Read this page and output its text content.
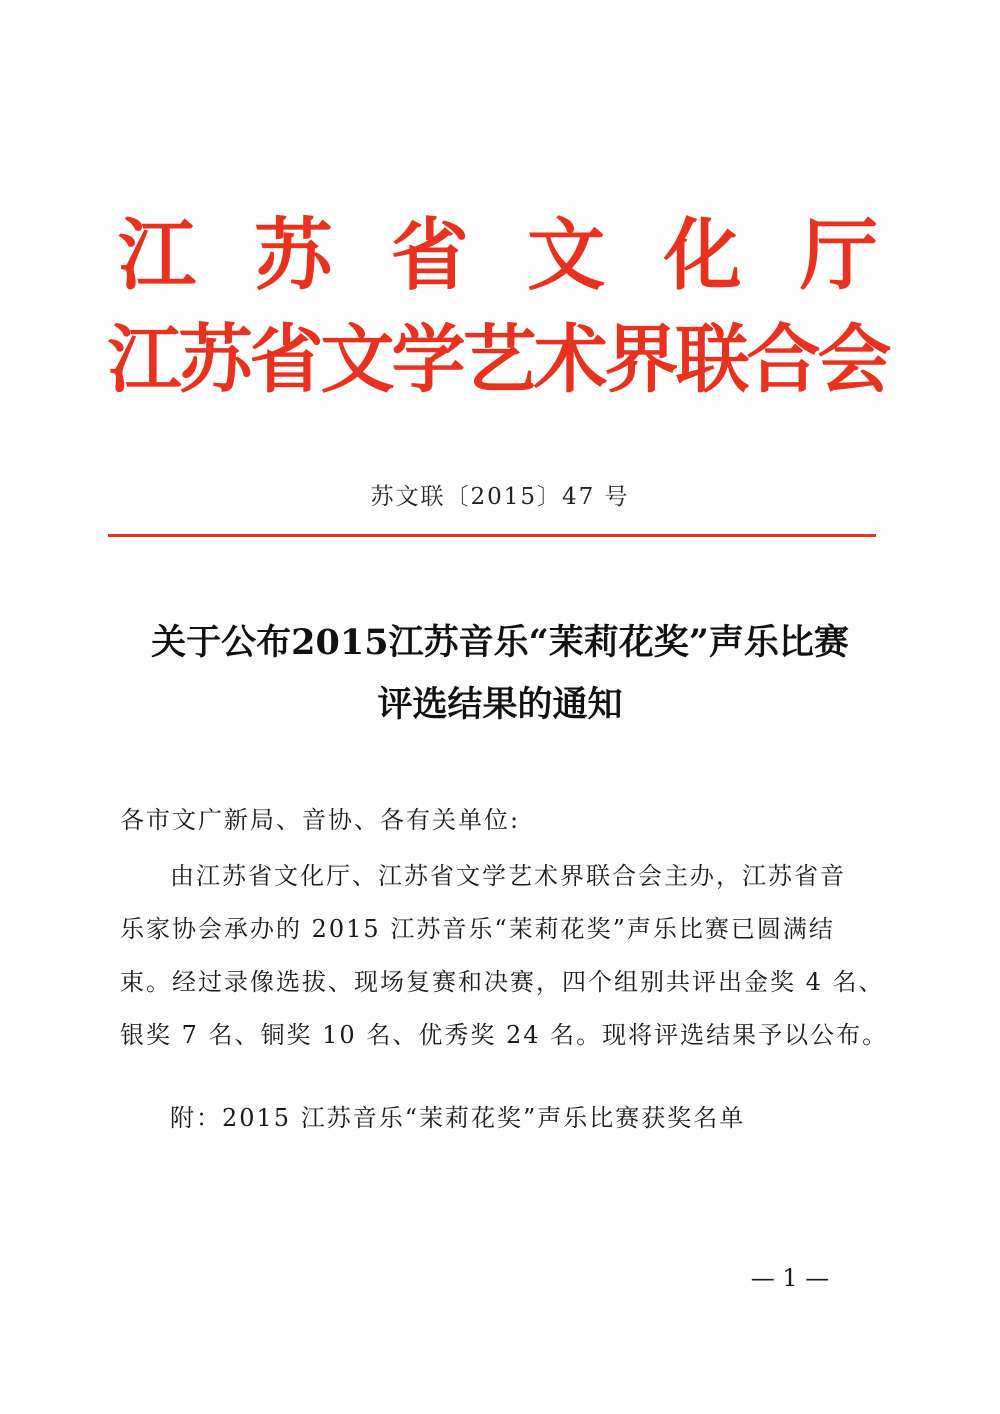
江 苏 省 文 化 厅
江苏省文学艺术界联合会
苏文联〔2015〕47 号
关于公布2015江苏音乐“茉莉花奖”声乐比赛
评选结果的通知
各市文广新局、音协、各有关单位:
由江苏省文化厅、江苏省文学艺术界联合会主办，江苏省音
乐家协会承办的 2015 江苏音乐“茉莉花奖”声乐比赛已圆满结
束。经过录像选拔、现场复赛和决赛，四个组别共评出金奖 4 名、
银奖 7 名、铜奖 10 名、优秀奖 24 名。现将评选结果予以公布。
附：2015 江苏音乐“茉莉花奖”声乐比赛获奖名单
— 1 —
